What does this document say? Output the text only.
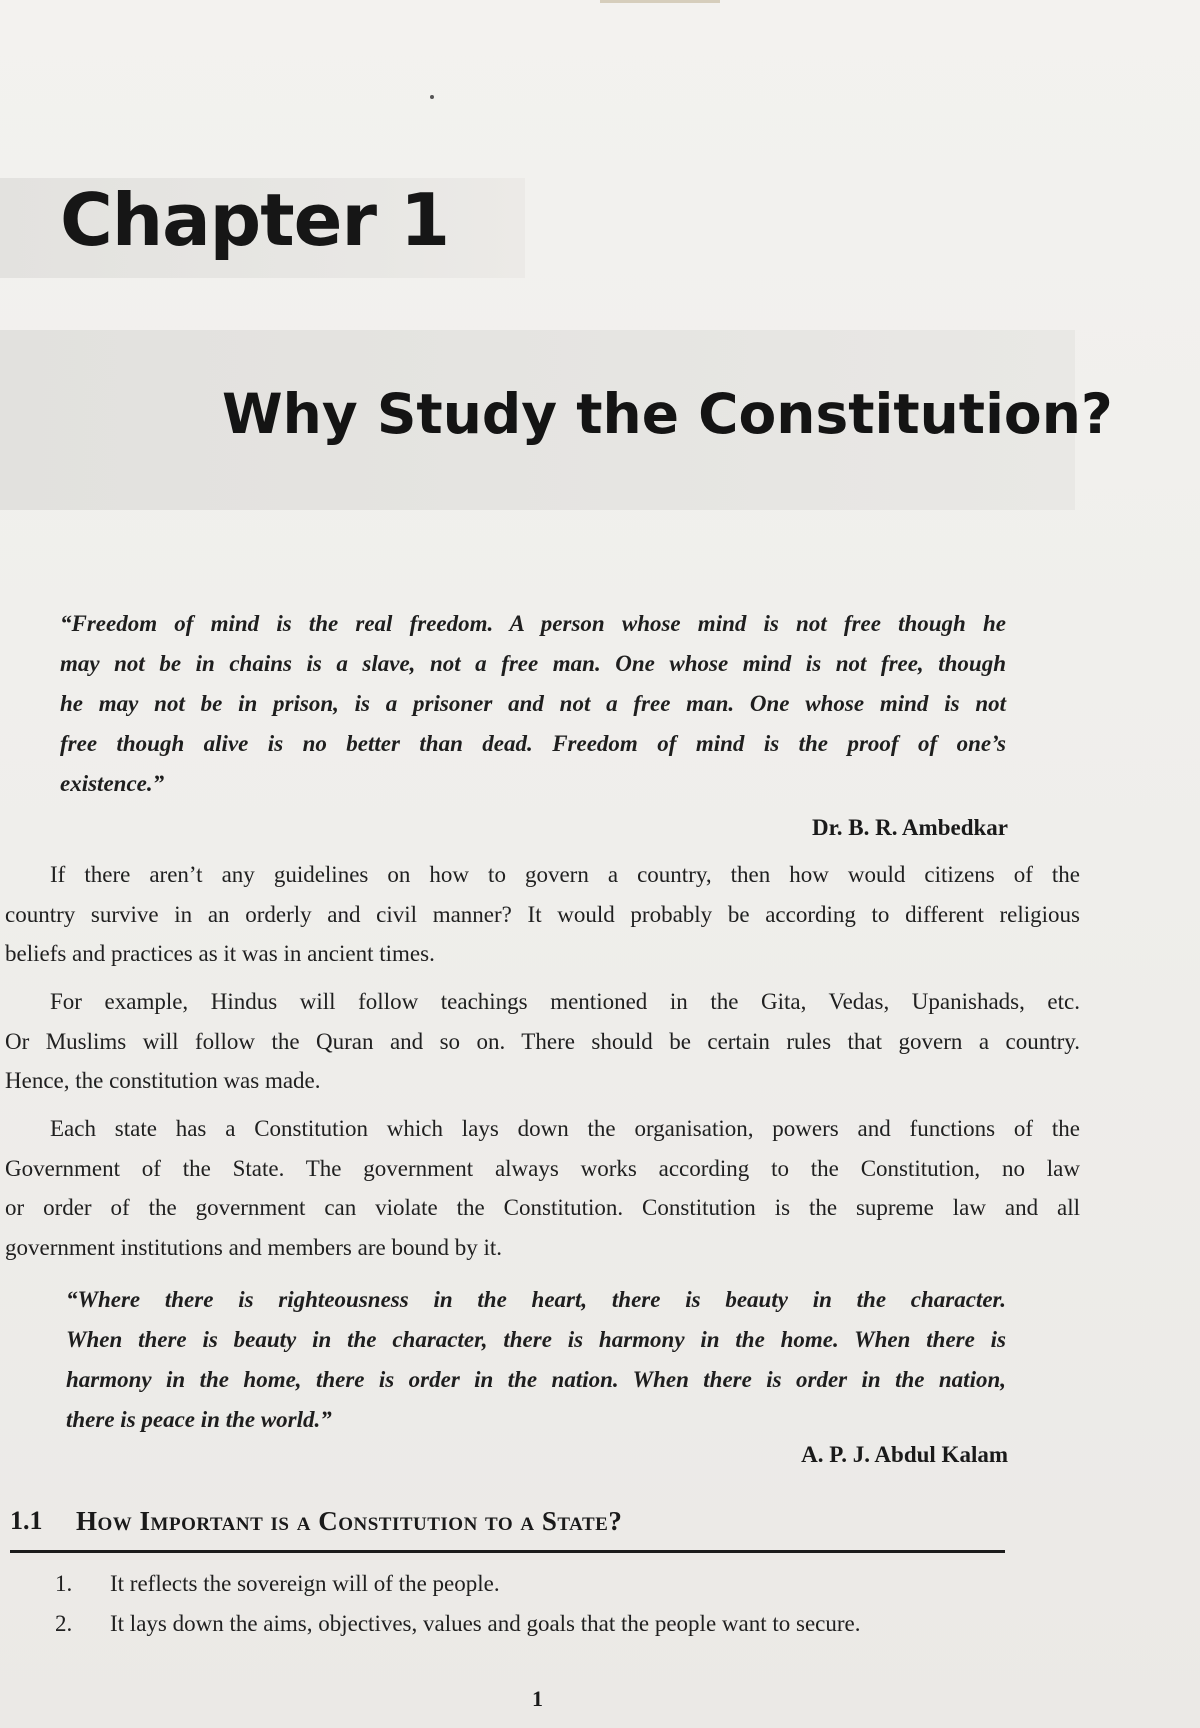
Chapter 1
Why Study the Constitution?
“Freedom of mind is the real freedom. A person whose mind is not free though he
may not be in chains is a slave, not a free man. One whose mind is not free, though
he may not be in prison, is a prisoner and not a free man. One whose mind is not
free though alive is no better than dead. Freedom of mind is the proof of one’s
existence.”
Dr. B. R. Ambedkar

If there aren’t any guidelines on how to govern a country, then how would citizens of the
country survive in an orderly and civil manner? It would probably be according to different religious
beliefs and practices as it was in ancient times.

For example, Hindus will follow teachings mentioned in the Gita, Vedas, Upanishads, etc.
Or Muslims will follow the Quran and so on. There should be certain rules that govern a country.
Hence, the constitution was made.

Each state has a Constitution which lays down the organisation, powers and functions of the
Government of the State. The government always works according to the Constitution, no law
or order of the government can violate the Constitution. Constitution is the supreme law and all
government institutions and members are bound by it.

“Where there is righteousness in the heart, there is beauty in the character.
When there is beauty in the character, there is harmony in the home. When there is
harmony in the home, there is order in the nation. When there is order in the nation,
there is peace in the world.”
A. P. J. Abdul Kalam
1.1 How Important is a Constitution to a State?
1.	It reflects the sovereign will of the people.
2.	It lays down the aims, objectives, values and goals that the people want to secure.
1
